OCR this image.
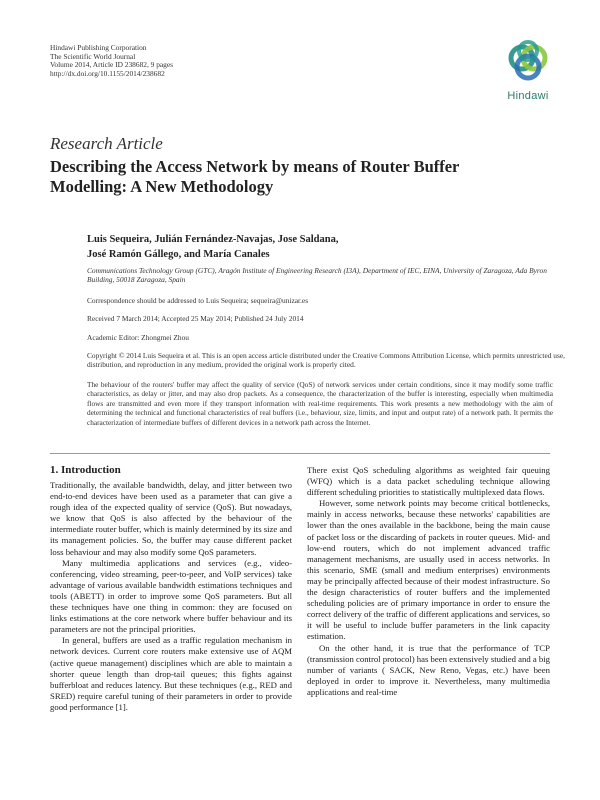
Hindawi Publishing Corporation
The Scientific World Journal
Volume 2014, Article ID 238682, 9 pages
http://dx.doi.org/10.1155/2014/238682
Hindawi
Research Article
Describing the Access Network by means of Router Buffer Modelling: A New Methodology
Luis Sequeira, Julián Fernández-Navajas, Jose Saldana,
José Ramón Gállego, and María Canales
Communications Technology Group (GTC), Aragón Institute of Engineering Research (I3A), Department of IEC, EINA, University of Zaragoza, Ada Byron Building, 50018 Zaragoza, Spain
Correspondence should be addressed to Luis Sequeira; sequeira@unizar.es
Received 7 March 2014; Accepted 25 May 2014; Published 24 July 2014
Academic Editor: Zhongmei Zhou
Copyright © 2014 Luis Sequeira et al. This is an open access article distributed under the Creative Commons Attribution License, which permits unrestricted use, distribution, and reproduction in any medium, provided the original work is properly cited.
The behaviour of the routers' buffer may affect the quality of service (QoS) of network services under certain conditions, since it may modify some traffic characteristics, as delay or jitter, and may also drop packets. As a consequence, the characterization of the buffer is interesting, especially when multimedia flows are transmitted and even more if they transport information with real-time requirements. This work presents a new methodology with the aim of determining the technical and functional characteristics of real buffers (i.e., behaviour, size, limits, and input and output rate) of a network path. It permits the characterization of intermediate buffers of different devices in a network path across the Internet.
1. Introduction

Traditionally, the available bandwidth, delay, and jitter between two end-to-end devices have been used as a parameter that can give a rough idea of the expected quality of service (QoS). But nowadays, we know that QoS is also affected by the behaviour of the intermediate router buffer, which is mainly determined by its size and its management policies. So, the buffer may cause different packet loss behaviour and may also modify some QoS parameters.

Many multimedia applications and services (e.g., video-conferencing, video streaming, peer-to-peer, and VoIP services) take advantage of various available bandwidth estimations techniques and tools (ABETT) in order to improve some QoS parameters. But all these techniques have one thing in common: they are focused on links estimations at the core network where buffer behaviour and its parameters are not the principal priorities.

In general, buffers are used as a traffic regulation mechanism in network devices. Current core routers make extensive use of AQM (active queue management) disciplines which are able to maintain a shorter queue length than drop-tail queues; this fights against bufferbloat and reduces latency. But these techniques (e.g., RED and SRED) require careful tuning of their parameters in order to provide good performance [1].

There exist QoS scheduling algorithms as weighted fair queuing (WFQ) which is a data packet scheduling technique allowing different scheduling priorities to statistically multiplexed data flows.

However, some network points may become critical bottlenecks, mainly in access networks, because these networks' capabilities are lower than the ones available in the backbone, being the main cause of packet loss or the discarding of packets in router queues. Mid- and low-end routers, which do not implement advanced traffic management mechanisms, are usually used in access networks. In this scenario, SME (small and medium enterprises) environments may be principally affected because of their modest infrastructure. So the design characteristics of router buffers and the implemented scheduling policies are of primary importance in order to ensure the correct delivery of the traffic of different applications and services, so it will be useful to include buffer parameters in the link capacity estimation.

On the other hand, it is true that the performance of TCP (transmission control protocol) has been extensively studied and a big number of variants ( SACK, New Reno, Vegas, etc.) have been deployed in order to improve it. Nevertheless, many multimedia applications and real-time
